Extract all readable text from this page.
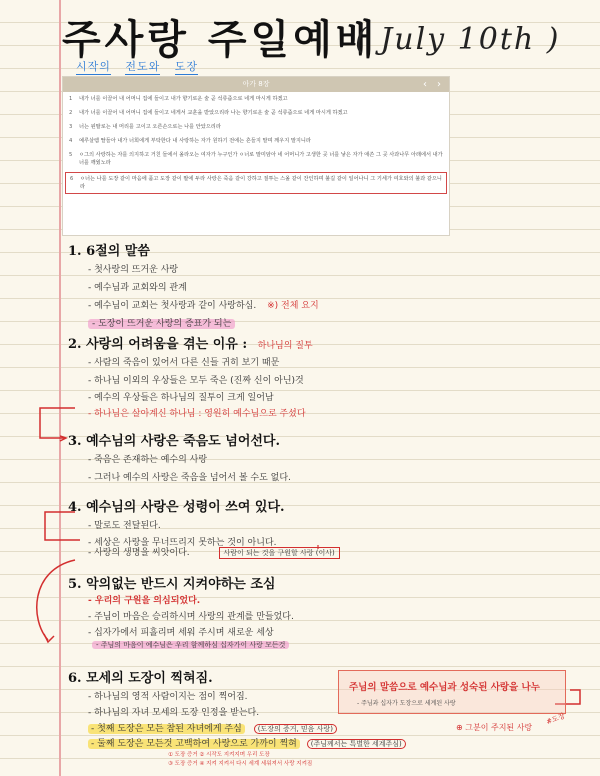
주사랑 주일예배
( July 10th )
시작의 전도와 도장
아가 8장	‹ ›
1	내가 너를 이끌어 내 어머니 집에 들이고 내가 향기로운 술 곧 석류즙으로 네게 마시게 하겠고
2	내가 너를 이끌어 내 어머니 집에 들이고 네게서 교훈을 받았으리라 나는 향기로운 술 곧 석류즙으로 네게 마시게 하겠고
3	너는 왼팔로는 내 머리를 고이고 오른손으로는 나를 안았으리라
4	예루살렘 딸들아 내가 너희에게 부탁한다 내 사랑하는 자가 원하기 전에는 흔들지 말며 깨우지 말지니라
5	ㅇ그의 사랑하는 자를 의지하고 거친 들에서 올라오는 여자가 누구인가 ㅇ너로 말미암아 네 어머니가 고생한 곳 너를 낳은 자가 애쓴 그 곳 사과나무 아래에서 내가 너를 깨웠노라
6	ㅇ너는 나를 도장 같이 마음에 품고 도장 같이 팔에 두라 사랑은 죽음 같이 강하고 질투는 스올 같이 잔인하며 불길 같이 일어나니 그 기세가 여호와의 불과 같으니라
1. 6절의 말씀
- 첫사랑의 뜨거운 사랑
- 예수님과 교회와의 관계
- 예수님이 교회는 첫사랑과 같이 사랑하심. ※) 전체 요지
- 도장이 뜨거운 사랑의 증표가 되는
2. 사랑의 어려움을 겪는 이유 : 하나님의 질투
- 사람의 죽음이 있어서 다른 신들 귀히 보기 때문
- 하나님 이외의 우상들은 모두 죽은 (진짜 신이 아닌)것
- 예수의 우상들은 하나님의 질투이 크게 일어남
- 하나님은 살아계신 하나님 : 영원히 예수님으로 주셨다
3. 예수님의 사랑은 죽음도 넘어선다.
- 죽음은 존재하는 예수의 사랑
- 그러나 예수의 사랑은 죽음을 넘어서 볼 수도 없다.
4. 예수님의 사랑은 성령이 쓰여 있다.
- 말로도 전달된다.
- 세상은 사랑을 무너뜨리지 못하는 것이 아니다.
- 사랑의 생명을 씨앗이다.	사람이 되는 것을 구원할 사랑 (이사)
5. 악의없는 반드시 지켜야하는 조심
- 우리의 구원을 의심되었다.
- 주님이 마음은 승리하시며 사랑의 관계를 만들었다.
- 십자가에서 피흘리며 세워 주시며 새로운 세상
- 주님의 마음이 예수님은 우리 함께하심 십자가이 사랑 모든것
6. 모세의 도장이 찍혀짐.
- 하나님의 영적 사람이지는 점이 찍어짐.
- 하나님의 자녀 모세의 도장 인정을 받는다.
- 첫째 도장은 모든 참된 자녀에게 주심 (도장의 증거, 믿음 사랑)
- 둘째 도장은 모든것 고백하여 사랑으로 가까이 찍혀 (주님께서는 특별한 세계주심)
① 도장 증거 ② 시작도 지켜지며 우리 도장
③ 도장 증거 ④ 지켜 지켜서 다시 세계 세워져서 사랑 지켜짐
주님의 말씀으로 예수님과 성숙된 사랑을 나누
- 주님과 십자가 도장으로 세계된 사랑
⊕ 그분이 주지된 사랑
#도장
